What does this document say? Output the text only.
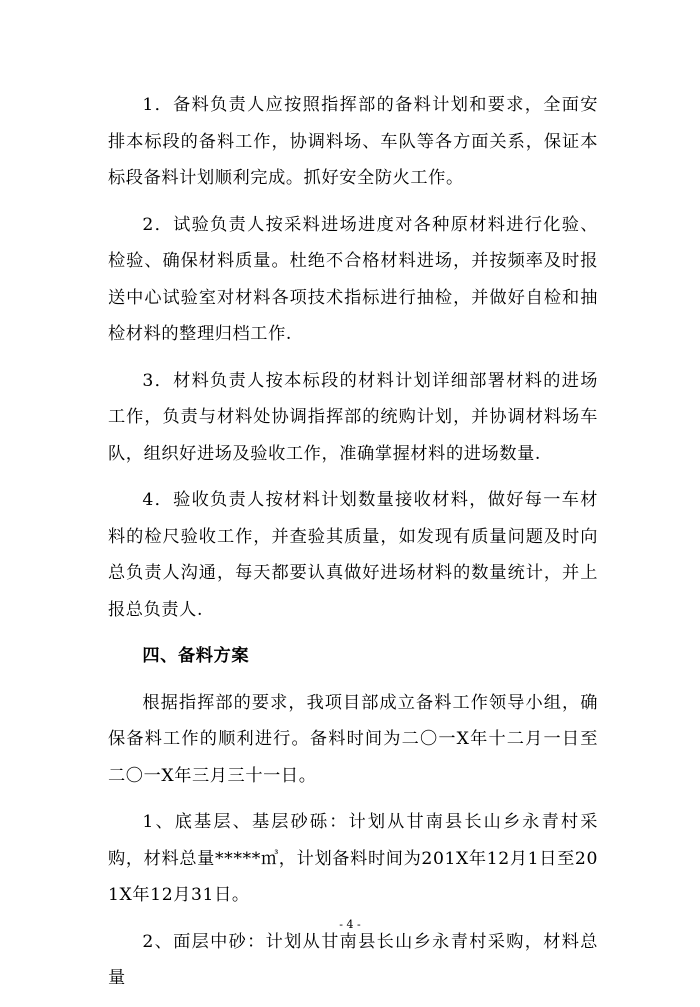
1．备料负责人应按照指挥部的备料计划和要求，全面安排本标段的备料工作，协调料场、车队等各方面关系，保证本标段备料计划顺利完成。抓好安全防火工作。

2．试验负责人按采料进场进度对各种原材料进行化验、检验、确保材料质量。杜绝不合格材料进场，并按频率及时报送中心试验室对材料各项技术指标进行抽检，并做好自检和抽检材料的整理归档工作.

3．材料负责人按本标段的材料计划详细部署材料的进场工作，负责与材料处协调指挥部的统购计划，并协调材料场车队，组织好进场及验收工作，准确掌握材料的进场数量.

4．验收负责人按材料计划数量接收材料，做好每一车材料的检尺验收工作，并查验其质量，如发现有质量问题及时向总负责人沟通，每天都要认真做好进场材料的数量统计，并上报总负责人.

四、备料方案

根据指挥部的要求，我项目部成立备料工作领导小组，确保备料工作的顺利进行。备料时间为二〇一X年十二月一日至二〇一X年三月三十一日。

1、底基层、基层砂砾：计划从甘南县长山乡永青村采购，材料总量*****㎥，计划备料时间为201X年12月1日至201X年12月31日。

2、面层中砂：计划从甘南县长山乡永青村采购，材料总量

- 4 -
